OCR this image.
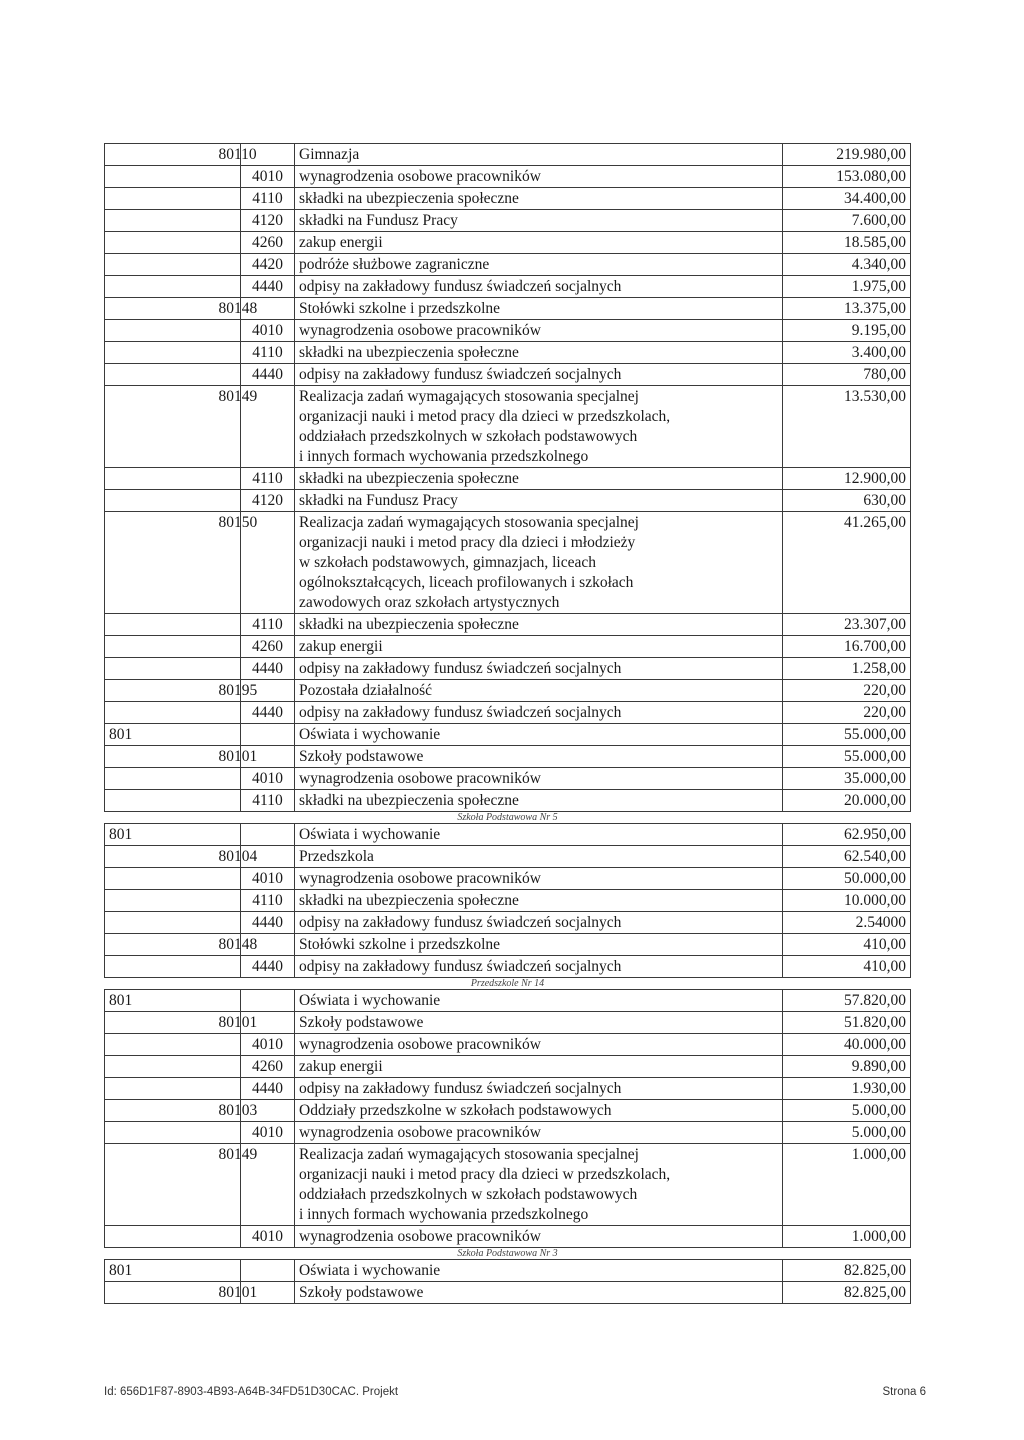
	80110		Gimnazja	219.980,00
		4010	wynagrodzenia osobowe pracowników	153.080,00
		4110	składki na ubezpieczenia społeczne	34.400,00
		4120	składki na Fundusz Pracy	7.600,00
		4260	zakup energii	18.585,00
		4420	podróże służbowe zagraniczne	4.340,00
		4440	odpisy na zakładowy fundusz świadczeń socjalnych	1.975,00
	80148		Stołówki szkolne i przedszkolne	13.375,00
		4010	wynagrodzenia osobowe pracowników	9.195,00
		4110	składki na ubezpieczenia społeczne	3.400,00
		4440	odpisy na zakładowy fundusz świadczeń socjalnych	780,00
	80149		Realizacja zadań wymagających stosowania specjalnej
organizacji nauki i metod pracy dla dzieci w przedszkolach,
oddziałach przedszkolnych w szkołach podstawowych
i innych formach wychowania przedszkolnego	13.530,00
		4110	składki na ubezpieczenia społeczne	12.900,00
		4120	składki na Fundusz Pracy	630,00
	80150		Realizacja zadań wymagających stosowania specjalnej
organizacji nauki i metod pracy dla dzieci i młodzieży
w szkołach podstawowych, gimnazjach, liceach
ogólnokształcących, liceach profilowanych i szkołach
zawodowych oraz szkołach artystycznych	41.265,00
		4110	składki na ubezpieczenia społeczne	23.307,00
		4260	zakup energii	16.700,00
		4440	odpisy na zakładowy fundusz świadczeń socjalnych	1.258,00
	80195		Pozostała działalność	220,00
		4440	odpisy na zakładowy fundusz świadczeń socjalnych	220,00
801			Oświata i wychowanie	55.000,00
	80101		Szkoły podstawowe	55.000,00
		4010	wynagrodzenia osobowe pracowników	35.000,00
		4110	składki na ubezpieczenia społeczne	20.000,00
Szkoła Podstawowa Nr 5				
801			Oświata i wychowanie	62.950,00
	80104		Przedszkola	62.540,00
		4010	wynagrodzenia osobowe pracowników	50.000,00
		4110	składki na ubezpieczenia społeczne	10.000,00
		4440	odpisy na zakładowy fundusz świadczeń socjalnych	2.54000
	80148		Stołówki szkolne i przedszkolne	410,00
		4440	odpisy na zakładowy fundusz świadczeń socjalnych	410,00
Przedszkole Nr 14				
801			Oświata i wychowanie	57.820,00
	80101		Szkoły podstawowe	51.820,00
		4010	wynagrodzenia osobowe pracowników	40.000,00
		4260	zakup energii	9.890,00
		4440	odpisy na zakładowy fundusz świadczeń socjalnych	1.930,00
	80103		Oddziały przedszkolne w szkołach podstawowych	5.000,00
		4010	wynagrodzenia osobowe pracowników	5.000,00
	80149		Realizacja zadań wymagających stosowania specjalnej
organizacji nauki i metod pracy dla dzieci w przedszkolach,
oddziałach przedszkolnych w szkołach podstawowych
i innych formach wychowania przedszkolnego	1.000,00
		4010	wynagrodzenia osobowe pracowników	1.000,00
Szkoła Podstawowa Nr 3				
801			Oświata i wychowanie	82.825,00
	80101		Szkoły podstawowe	82.825,00
Id: 656D1F87-8903-4B93-A64B-34FD51D30CAC. Projekt	Strona 6
